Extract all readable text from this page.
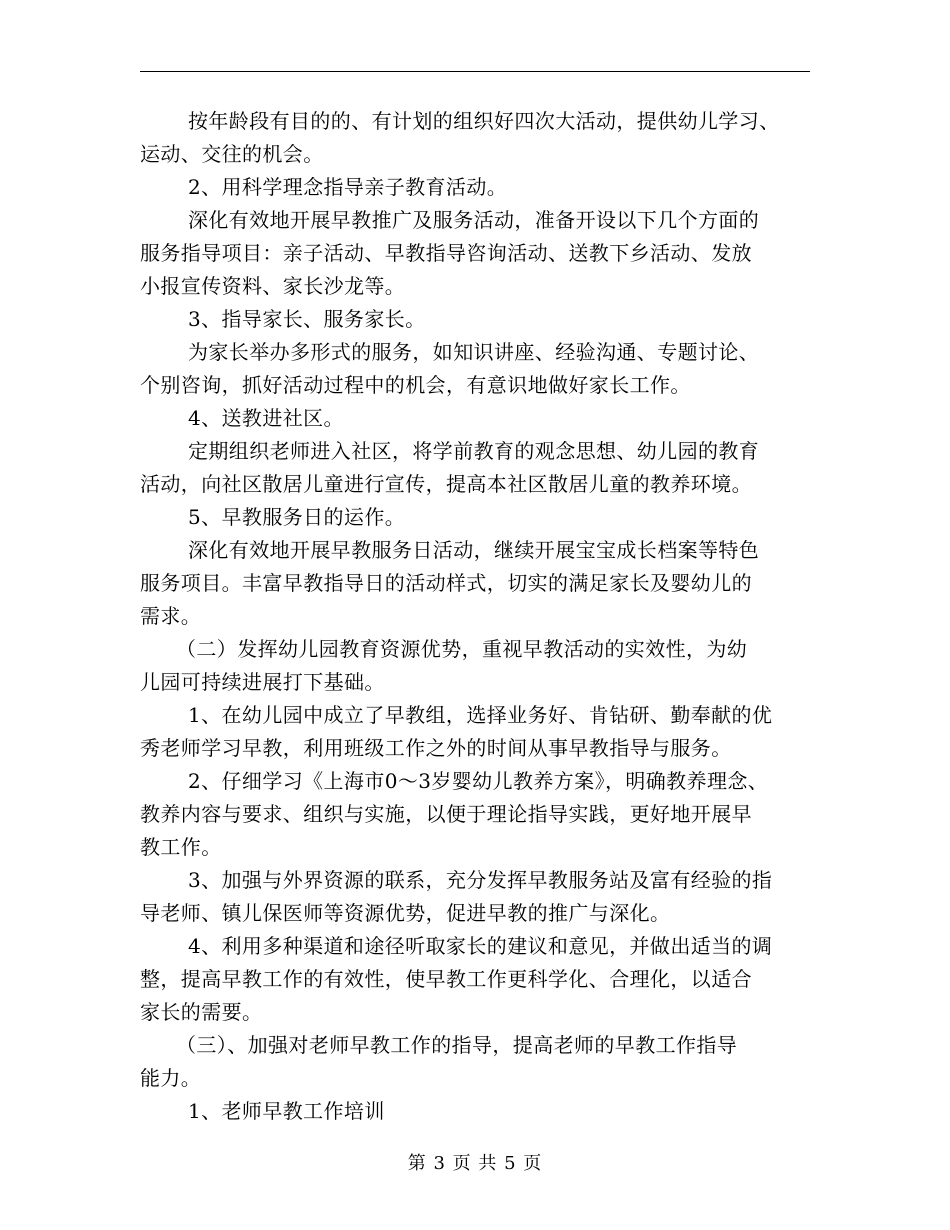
按年龄段有目的的、有计划的组织好四次大活动，提供幼儿学习、
运动、交往的机会。
2、用科学理念指导亲子教育活动。
深化有效地开展早教推广及服务活动，准备开设以下几个方面的
服务指导项目：亲子活动、早教指导咨询活动、送教下乡活动、发放
小报宣传资料、家长沙龙等。
3、指导家长、服务家长。
为家长举办多形式的服务，如知识讲座、经验沟通、专题讨论、
个别咨询，抓好活动过程中的机会，有意识地做好家长工作。
4、送教进社区。
定期组织老师进入社区，将学前教育的观念思想、幼儿园的教育
活动，向社区散居儿童进行宣传，提高本社区散居儿童的教养环境。
5、早教服务日的运作。
深化有效地开展早教服务日活动，继续开展宝宝成长档案等特色
服务项目。丰富早教指导日的活动样式，切实的满足家长及婴幼儿的
需求。
（二）发挥幼儿园教育资源优势，重视早教活动的实效性，为幼
儿园可持续进展打下基础。
1、在幼儿园中成立了早教组，选择业务好、肯钻研、勤奉献的优
秀老师学习早教，利用班级工作之外的时间从事早教指导与服务。
2、仔细学习《上海市0～3岁婴幼儿教养方案》，明确教养理念、
教养内容与要求、组织与实施，以便于理论指导实践，更好地开展早
教工作。
3、加强与外界资源的联系，充分发挥早教服务站及富有经验的指
导老师、镇儿保医师等资源优势，促进早教的推广与深化。
4、利用多种渠道和途径听取家长的建议和意见，并做出适当的调
整，提高早教工作的有效性，使早教工作更科学化、合理化，以适合
家长的需要。
（三）、加强对老师早教工作的指导，提高老师的早教工作指导
能力。
1、老师早教工作培训
第 3 页 共 5 页
